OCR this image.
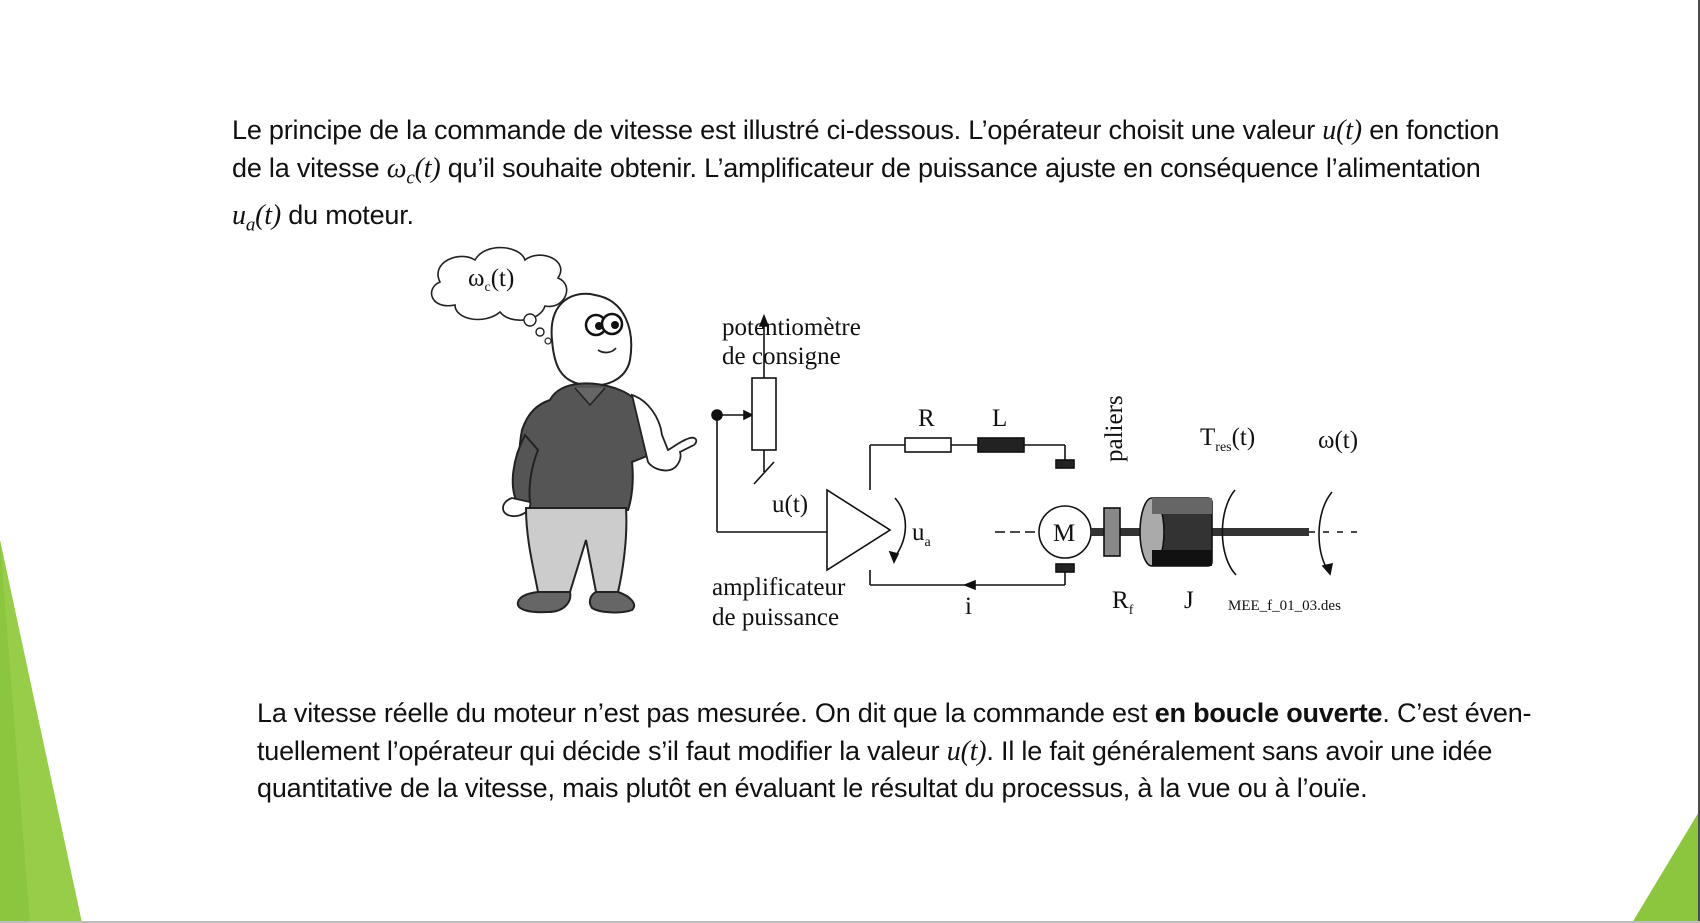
Le principe de la commande de vitesse est illustré ci-dessous. L’opérateur choisit une valeur u(t) en fonction
de la vitesse $\omega_c(t)$ qu’il souhaite obtenir. L’amplificateur de puissance ajuste en conséquence l’alimentation
$u_a(t)$ du moteur.
$\omega_c(t)$
potentiomètre
de consigne
R L	paliers	$T_{res}(t)$	ω(t)
u(t)
$u_a$	M
amplificateur
de puissance	i	$R_f$ J MEE_f_01_03.des
La vitesse réelle du moteur n’est pas mesurée. On dit que la commande est en boucle ouverte. C’est éven-
tuellement l’opérateur qui décide s’il faut modifier la valeur u(t). Il le fait généralement sans avoir une idée
quantitative de la vitesse, mais plutôt en évaluant le résultat du processus, à la vue ou à l’ouïe.
